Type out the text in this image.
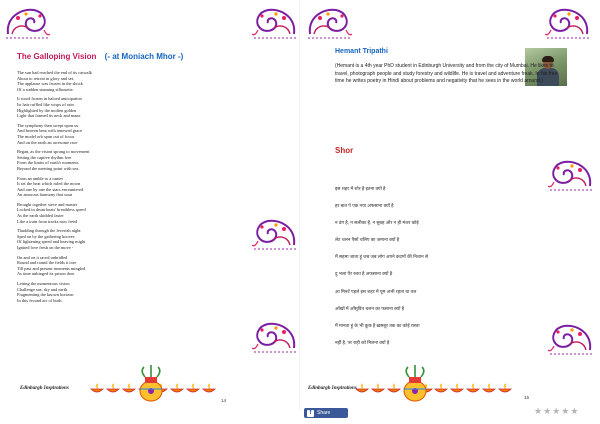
The Galloping Vision (- at Moniach Mhor -)
The sun had reached the end of its catwalk
About to retreat in glory and set.
The applause was frozen in the shock
Of a sudden stunning silhouette.
It stood frozen in haloed anticipation
Its hair ruffled like wisps of rain
Highlighted by the molten golden
Light that framed its neck and mane
The symphony then swept upon us
And heaven bent with renewed grace
The model orb spun out of focus
And on the earth an awesome race
Began, as the vision sprang to movement
Setting the captive rhythm free
From the limits of earth's moments
Beyond the meeting point with sea.
From an amble to a canter
It set the beat which ruled the moon
And one by one the stars encountered
An amorous harmony that soon
Brought together steve and master
Locked in drum beats' breathless speed
As the earth skidded faster
Like a train from tracks now freed
Thudding through the feverish night
Sped on by the gathering hooves
Of lightening speed and heaving might
Ignited love fresh on the move -
On and on it raced unbridled
Round and round the fields it tore
Till past and present moments mingled
As time unhinged its prison door
Letting the momentous vision
Challenge sea, sky and earth
Fragmenting the known horizon
In this fecund act of birth.
Edinburgh Inspirations
14
Hemant Tripathi
(Hemant is a 4th year PhD student in Edinburgh University and from the city of Mumbai. He likes to travel, photograph people and study forestry and wildlife. He is travel and adventure freak. In his free time he writes poetry in Hindi about problems and negativity that he sees in the world around.)
Shor
इस शहर में शोर है इतना क्यों है
हर बात पे एक नया अफसाना क्यों है
न ढंग है, न सलीका है, न सुबह और न ही मंजर कोई
लेट चलन पैसों चलिए का ज़माना क्यों है
मैं सहमा जाता हूं जब जब लोग अपने कदमों की निशान से
दु भला पैर रुका है अफसाना क्यों है
आ मिनटें पहले इस शहर में घूम अभी रहता था तल
आँखों में आँसूवित चलन का फसाना क्यों है
मैं मानता हूं के भी कुछ है ख़सबूर तक का कोई रास्ता
नहीं है, पर राही को मिलना क्यों है
Edinburgh Inspirations
15
f Share	★★★★★
